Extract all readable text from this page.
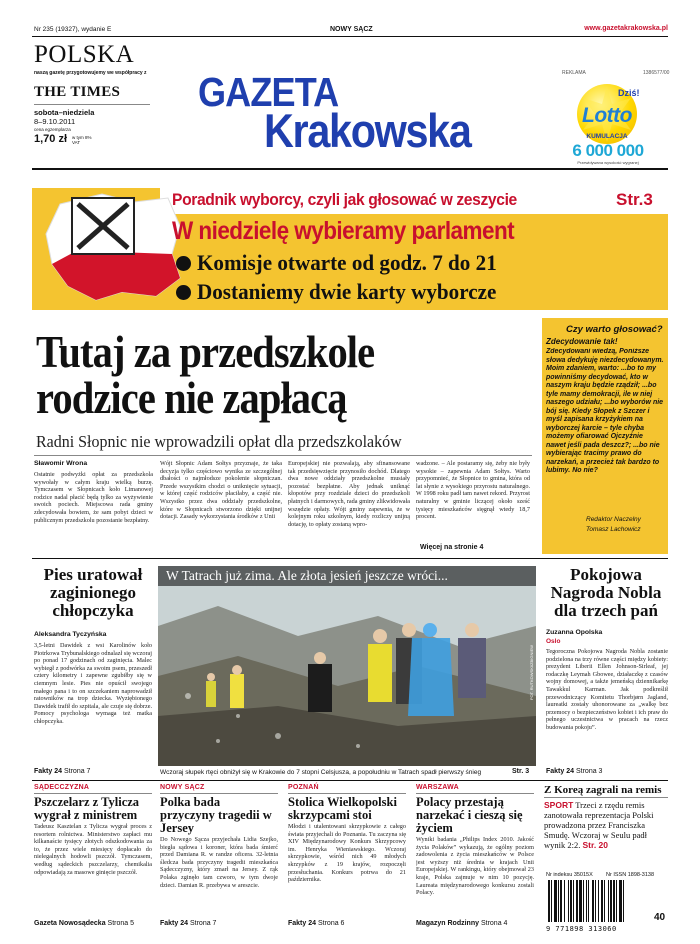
Nr 235 (19327), wydanie E	NOWY SĄCZ	www.gazetakrakowska.pl
POLSKA
naszą gazetę przygotowujemy we współpracy z
THE TIMES
sobota–niedziela
8–9.10.2011
cena egzemplarza
1,70 zł w tym 8% VAT
GAZETA
Krakowska
REKLAMA	1386577/00
Dziś!
Lotto
KUMULACJA
6 000 000
Przewidywana wysokość wygranej
Poradnik wyborcy, czyli jak głosować w zeszycie	Str.3
W niedzielę wybieramy parlament
Komisje otwarte od godz. 7 do 21
Dostaniemy dwie karty wyborcze
Tutaj za przedszkole
rodzice nie zapłacą
Radni Słopnic nie wprowadzili opłat dla przedszkolaków
Sławomir Wrona
Ostatnie podwyżki opłat za przedszkola wywołały w całym kraju wielką burzę. Tymczasem w Słopnicach koło Limanowej rodzice nadal płacić będą tylko za wyżywienie swoich pociech. Miejscowa rada gminy zdecydowała bowiem, że sam pobyt dzieci w publicznym przedszkolu pozostanie bezpłatny.
Wójt Słopnic Adam Sołtys przyznaje, że taka decyzja tylko częściowo wynika ze szczególnej dbałości o najmłodsze pokolenie słopniczan. Przede wszystkim chodzi o uniknięcie sytuacji, w której część rodziców płaciłaby, a część nie. Wszystko przez dwa oddziały przedszkolne, które w Słopnicach stworzono dzięki unijnej dotacji. Zasady wykorzystania środków z Unii
Europejskiej nie pozwalają, aby sfinansowane tak przedsięwzięcie przynosiło dochód. Dlatego dwa nowe oddziały przedszkolne musiały pozostać bezpłatne. Aby jednak uniknąć kłopotów przy rozdziale dzieci do przedszkoli płatnych i darmowych, rada gminy zlikwidowała wszędzie opłaty. Wójt gminy zapewnia, że w kolejnym roku szkolnym, kiedy rozliczy unijną dotację, to opłaty zostaną wpro-
wadzone. – Ale postaramy się, żeby nie były wysokie – zapewnia Adam Sołtys. Warto przypomnieć, że Słopnice to gmina, która od lat słynie z wysokiego przyrostu naturalnego. W 1998 roku padł tam nawet rekord. Przyrost naturalny w gminie liczącej około sześć tysięcy mieszkańców sięgnął wtedy 18,7 procent.
Więcej na stronie 4
Czy warto głosować?
Zdecydowanie tak!
Zdecydowani wiedzą, Poniższe słowa dedykuję niezdecydowanym. Moim zdaniem, warto: ...bo to my powinniśmy decydować, kto w naszym kraju będzie rządził; ...bo tyle mamy demokracji, ile w niej naszego udziału; ...bo wyborów nie bój się. Kiedy Słopek z Szczer i myśl zapisana krzyżykiem na wyborczej karcie – tyle chyba możemy ofiarować Ojczyźnie nawet jeśli pada deszcz?; ...bo nie wybierając tracimy prawo do narzekań, a przecież tak bardzo to lubimy. No nie?
Redaktor Naczelny
Tomasz Lachowicz
Pies uratował zaginionego chłopczyka
Aleksandra Tyczyńska
3,5-letni Dawidek z wsi Karolinów koło Piotrkowa Trybunalskiego odnalazł się wczoraj po ponad 17 godzinach od zaginięcia. Malec wybiegł z podwórka za swoim psem, przeszedł cztery kilometry i zapewne zgubiłby się w ciemnym lesie. Pies nie opuścił swojego małego pana i to on szczekaniem naprowadził ratowników na trop dziecka. Wyziębionego Dawidek trafił do szpitala, ale czuje się dobrze. Pomocy psychologa wymaga też matka chłopczyka.
Fakty 24 Strona 7
W Tatrach już zima. Ale złota jesień jeszcze wróci...
FOT. RUTKOWSKI/ZBIGNIEW
Wczoraj słupek rtęci obniżył się w Krakowie do 7 stopni Celsjusza, a popołudniu w Tatrach spadł pierwszy śnieg	Str. 3
Pokojowa Nagroda Nobla dla trzech pań
Zuzanna Opolska
Oslo
Tegoroczna Pokojowa Nagroda Nobla zostanie podzielona na trzy równe części między kobiety: prezydent Liberii Ellen Johnson-Sirleaf, jej rodaczkę Leymah Gbowee, działaczkę z czasów wojny domowej, a także jemeńską dziennikarkę Tawakkul Karman. Jak podkreślił przewodniczący Komitetu Thorbjørn Jagland, laureatki zostały uhonorowane za „walkę bez przemocy o bezpieczeństwo kobiet i ich praw do pełnego uczestnictwa w pracach na rzecz budowania pokoju”.
Fakty 24 Strona 3
SĄDECCZYZNA
Pszczelarz z Tylicza wygrał z ministrem
Tadeusz Kasztelan z Tylicza wygrał proces z resortem rolnictwa. Ministerstwo zapłaci mu kilkanaście tysięcy złotych odszkodowania za to, że przez wiele miesięcy dopłacało do nielegalnych hodowli pszczół. Tymczasem, według sądeckich pszczelarzy, chemikalia odpowiadają za masowe ginięcie pszczół.
Gazeta Nowosądecka Strona 5
NOWY SĄCZ
Polka bada przyczyny tragedii w Jersey
Do Nowego Sącza przyjechała Lidia Szejko, biegła sądowa i koroner, która bada śmierć przed Damiana R. w randze oficera. 32-letnia śledcza bada przyczyny tragedii mieszkańca Sądecczyzny, który zmarł na Jersey. Z rąk Polaka zginęło tam czworo, w tym dwoje dzieci. Damian R. przebywa w areszcie.
Fakty 24 Strona 7
POZNAŃ
Stolica Wielkopolski skrzypcami stoi
Młodzi i utalentowani skrzypkowie z całego świata przyjechali do Poznania. Tu zaczyna się XIV Międzynarodowy Konkurs Skrzypcowy im. Henryka Wieniawskiego. Wczoraj skrzypkowie, wśród nich 49 młodych skrzypków z 19 krajów, rozpoczęli przesłuchania. Konkurs potrwa do 21 października.
Fakty 24 Strona 6
WARSZAWA
Polacy przestają narzekać i cieszą się życiem
Wyniki badania „Philips Index 2010. Jakość życia Polaków” wykazują, że ogólny poziom zadowolenia z życia mieszkańców w Polsce jest wyższy niż średnia w krajach Unii Europejskiej. W rankingu, który obejmował 23 kraje, Polska zajmuje w nim 10 pozycję. Laureata międzynarodowego konkursu zostali Polacy.
Magazyn Rodzinny Strona 4
Z Koreą zagrali na remis
SPORT Trzeci z rzędu remis zanotowała reprezentacja Polski prowadzona przez Franciszka Smudę. Wczoraj w Seulu padł wynik 2:2. Str. 20
Nr indeksu 35015X Nr ISSN 1898-3138
9 771898 313060
40
